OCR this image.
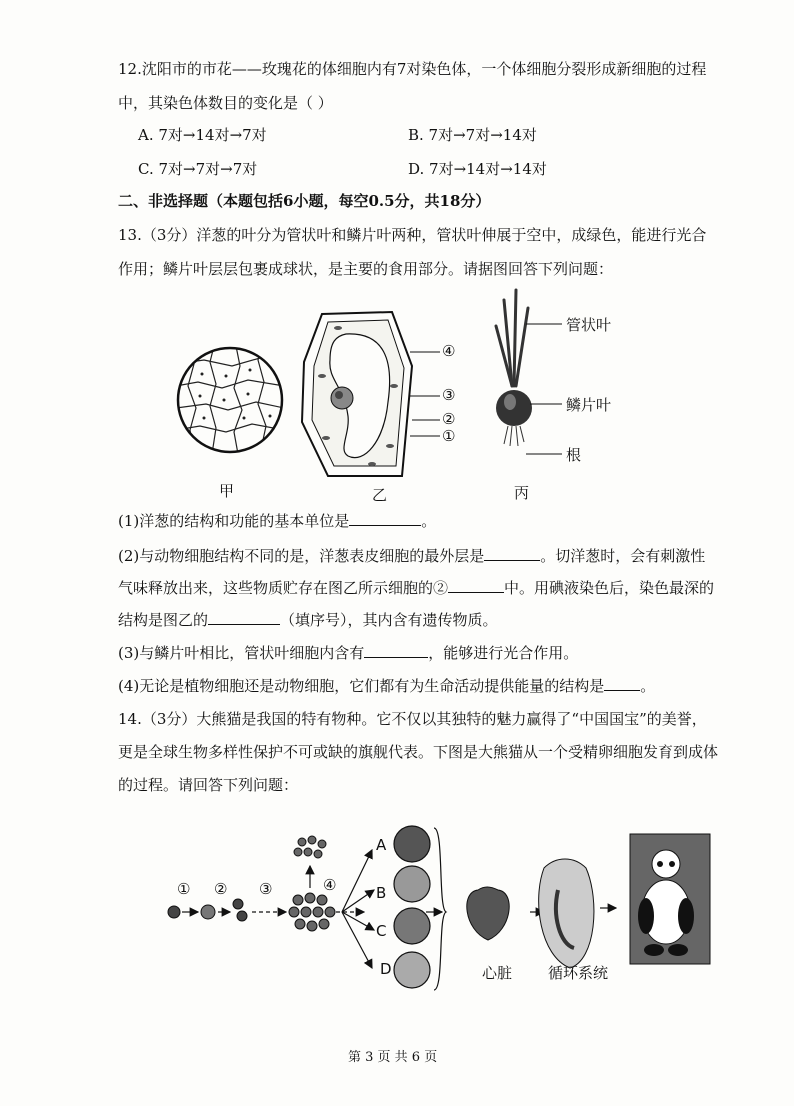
12.沈阳市的市花——玫瑰花的体细胞内有7对染色体，一个体细胞分裂形成新细胞的过程
中，其染色体数目的变化是（ ）
A. 7对→14对→7对	B. 7对→7对→14对
C. 7对→7对→7对	D. 7对→14对→14对
二、非选择题（本题包括6小题，每空0.5分，共18分）
13.（3分）洋葱的叶分为管状叶和鳞片叶两种，管状叶伸展于空中，成绿色，能进行光合
作用；鳞片叶层层包裹成球状，是主要的食用部分。请据图回答下列问题：
④
③
②
①
管状叶
鳞片叶
根
甲	乙	丙
(1)洋葱的结构和功能的基本单位是	。
(2)与动物细胞结构不同的是，洋葱表皮细胞的最外层是	。切洋葱时，会有刺激性
气味释放出来，这些物质贮存在图乙所示细胞的②	中。用碘液染色后，染色最深的
结构是图乙的	（填序号），其内含有遗传物质。
(3)与鳞片叶相比，管状叶细胞内含有	，能够进行光合作用。
(4)无论是植物细胞还是动物细胞，它们都有为生命活动提供能量的结构是 。
14.（3分）大熊猫是我国的特有物种。它不仅以其独特的魅力赢得了“中国国宝”的美誉，
更是全球生物多样性保护不可或缺的旗舰代表。下图是大熊猫从一个受精卵细胞发育到成体
的过程。请回答下列问题：
① ② ③	④
A
B
C
D	心脏 循环系统
第 3 页 共 6 页
